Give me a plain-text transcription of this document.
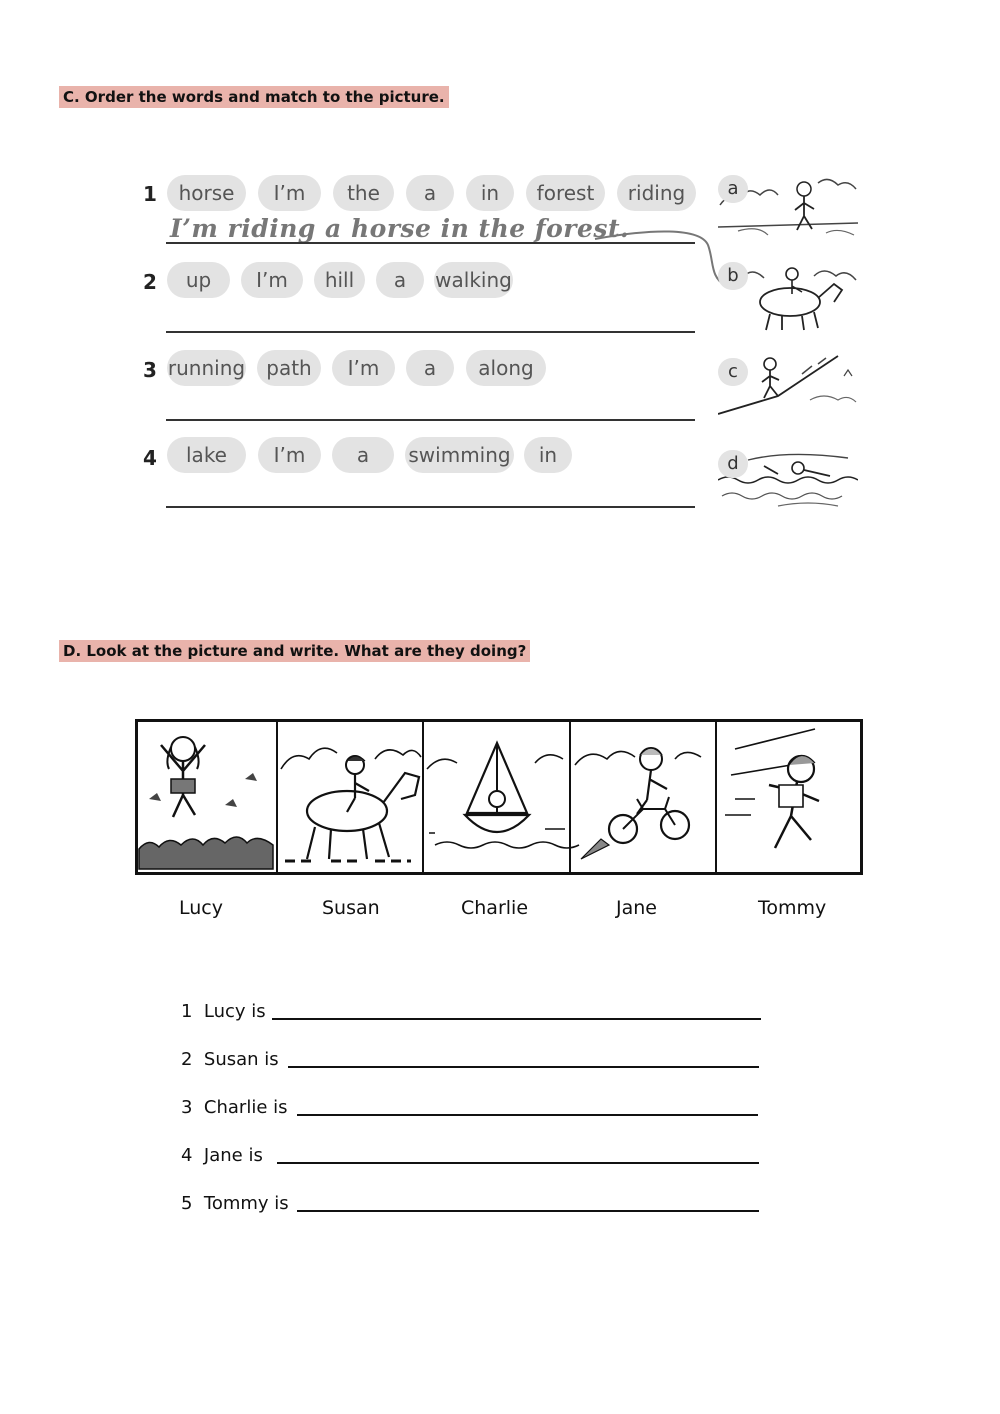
C. Order the words and match to the picture.
1	horse	I’m	the	a	in	forest	riding
I’m riding a horse in the forest.
2	up	I’m	hill	a	walking
3 running	path	I’m	a	along
4	lake	I’m	a	swimming	in
a
b
c
d
D. Look at the picture and write. What are they doing?
Lucy	Susan	Charlie	Jane	Tommy
1 Lucy is
2 Susan is
3 Charlie is
4 Jane is
5 Tommy is
